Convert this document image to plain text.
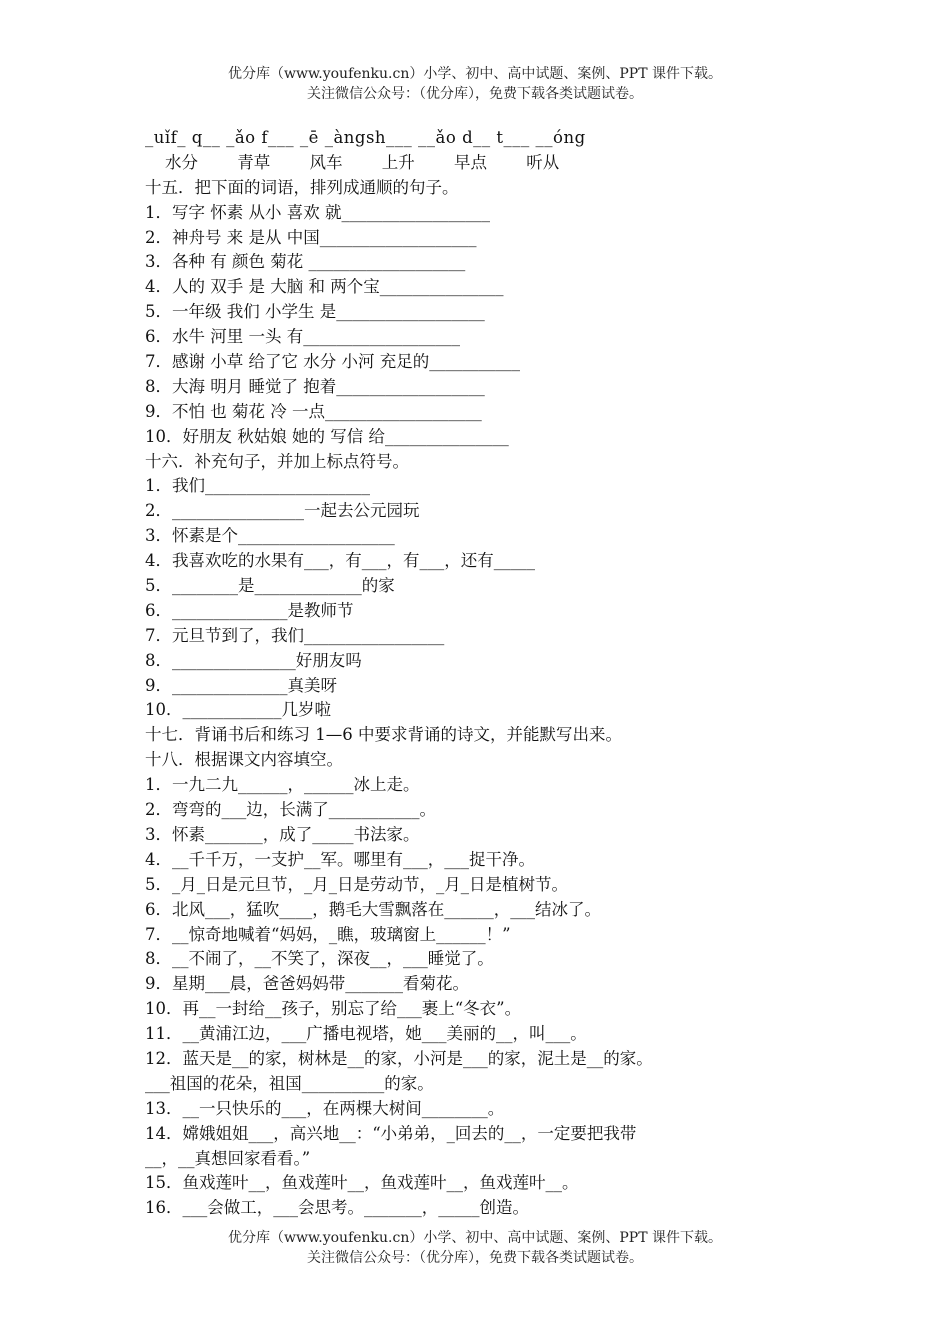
优分库（www.youfenku.cn）小学、初中、高中试题、案例、PPT 课件下载。
关注微信公众号：（优分库），免费下载各类试题试卷。
_uǐf_ q__ _ǎo f___ _ē _àngsh___ __ǎo d__ t___ __óng
水分 青草 风车 上升 早点 听从
十五．把下面的词语，排列成通顺的句子。
1．写字 怀素 从小 喜欢 就__________________
2．神舟号 来 是从 中国___________________
3．各种 有 颜色 菊花 ___________________
4．人的 双手 是 大脑 和 两个宝_______________
5．一年级 我们 小学生 是__________________
6．水牛 河里 一头 有___________________
7．感谢 小草 给了它 水分 小河 充足的___________
8．大海 明月 睡觉了 抱着__________________
9．不怕 也 菊花 冷 一点___________________
10．好朋友 秋姑娘 她的 写信 给_______________
十六．补充句子，并加上标点符号。
1．我们____________________
2．________________一起去公元园玩
3．怀素是个___________________
4．我喜欢吃的水果有___，有___，有___，还有_____
5．________是_____________的家
6．______________是教师节
7．元旦节到了，我们_________________
8．_______________好朋友吗
9．______________真美呀
10．____________几岁啦
十七．背诵书后和练习 1—6 中要求背诵的诗文，并能默写出来。
十八．根据课文内容填空。
1．一九二九______，______冰上走。
2．弯弯的___边，长满了___________。
3．怀素_______，成了_____书法家。
4．__千千万，一支护__军。哪里有___，___捉干净。
5．_月_日是元旦节，_月_日是劳动节，_月_日是植树节。
6．北风___，猛吹____，鹅毛大雪飘落在______，___结冰了。
7．__惊奇地喊着“妈妈，_瞧，玻璃窗上______！”
8．__不闹了，__不笑了，深夜__，___睡觉了。
9．星期___晨，爸爸妈妈带_______看菊花。
10．再__一封给__孩子，别忘了给___裹上“冬衣”。
11．__黄浦江边，___广播电视塔，她___美丽的__，叫___。
12．蓝天是__的家，树林是__的家，小河是___的家，泥土是__的家。
___祖国的花朵，祖国__________的家。
13．__一只快乐的___，在两棵大树间________。
14．嫦娥姐姐___，高兴地__：“小弟弟，_回去的__，一定要把我带
__，__真想回家看看。”
15．鱼戏莲叶__，鱼戏莲叶__，鱼戏莲叶__，鱼戏莲叶__。
16．___会做工，___会思考。_______，_____创造。
优分库（www.youfenku.cn）小学、初中、高中试题、案例、PPT 课件下载。
关注微信公众号：（优分库），免费下载各类试题试卷。
